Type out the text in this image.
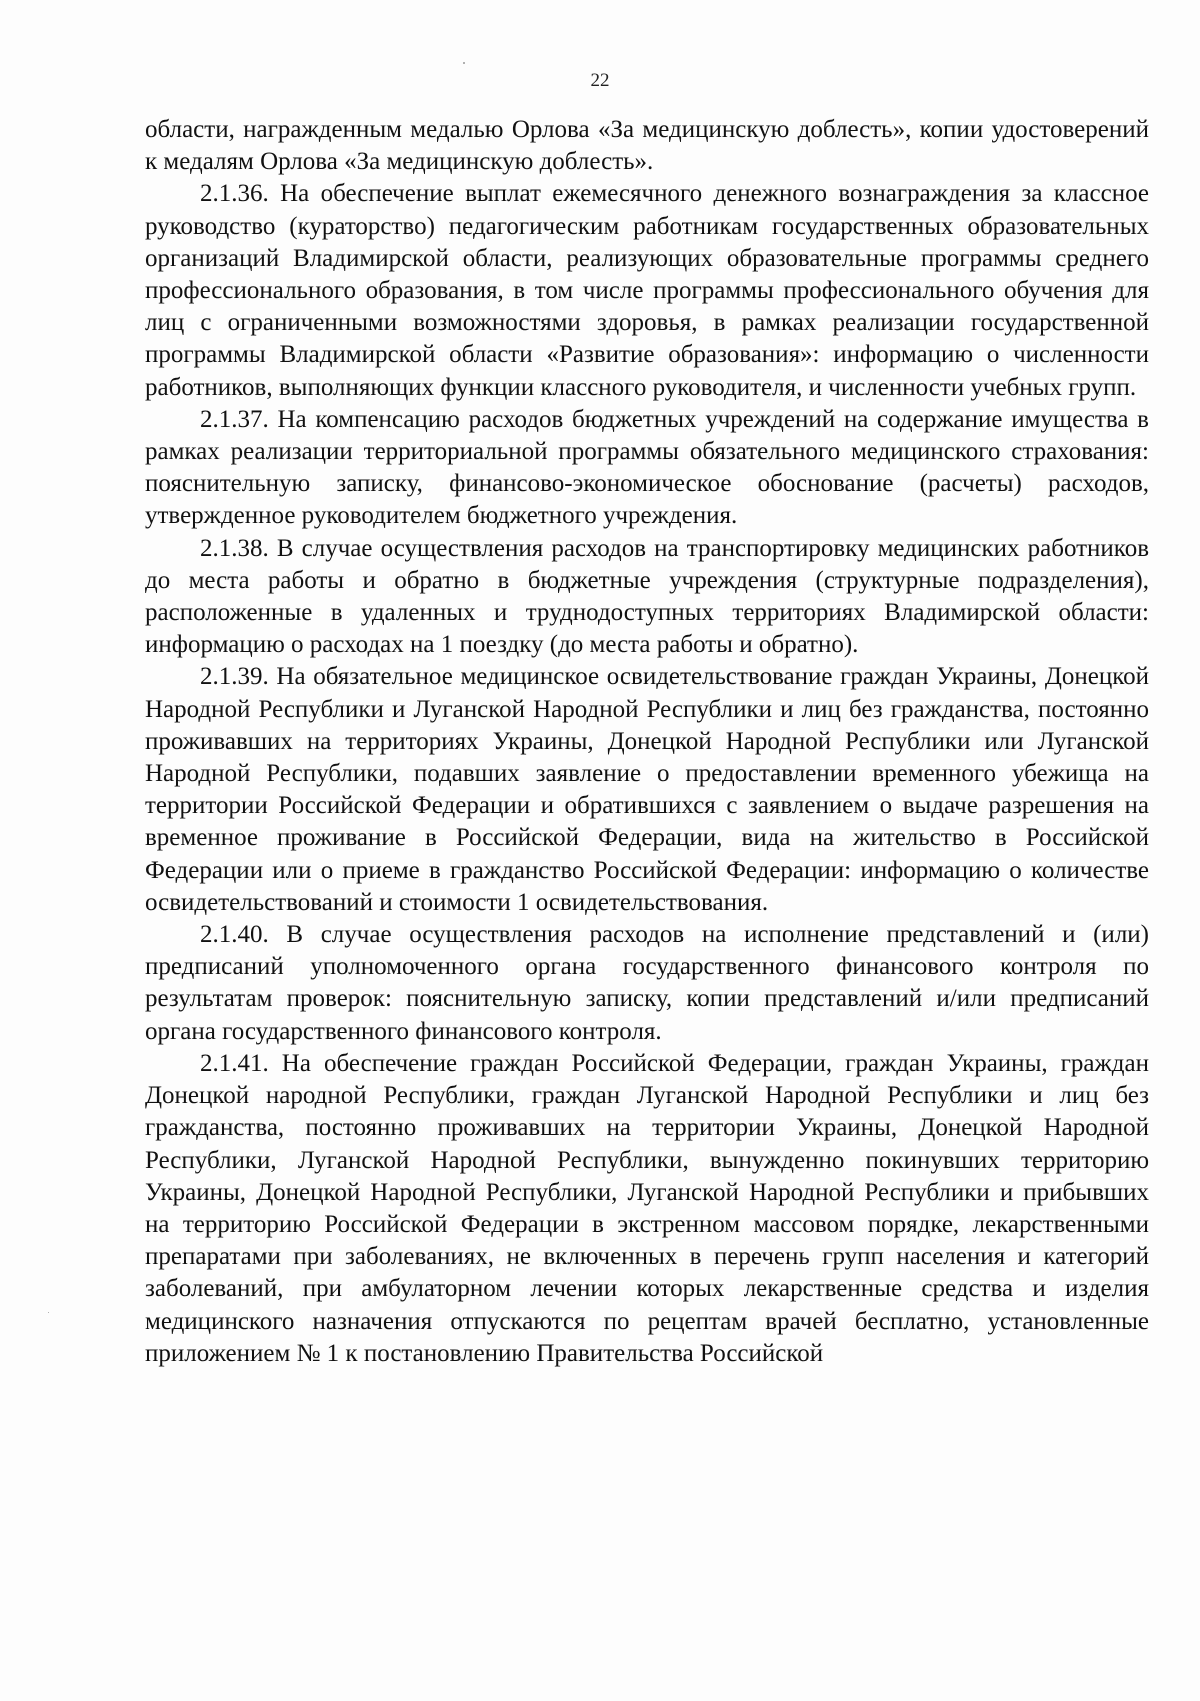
22

области, награжденным медалью Орлова «За медицинскую доблесть», копии удостоверений к медалям Орлова «За медицинскую доблесть».

2.1.36. На обеспечение выплат ежемесячного денежного вознаграждения за классное руководство (кураторство) педагогическим работникам государственных образовательных организаций Владимирской области, реализующих образовательные программы среднего профессионального образования, в том числе программы профессионального обучения для лиц с ограниченными возможностями здоровья, в рамках реализации государственной программы Владимирской области «Развитие образования»: информацию о численности работников, выполняющих функции классного руководителя, и численности учебных групп.

2.1.37. На компенсацию расходов бюджетных учреждений на содержание имущества в рамках реализации территориальной программы обязательного медицинского страхования: пояснительную записку, финансово-экономическое обоснование (расчеты) расходов, утвержденное руководителем бюджетного учреждения.

2.1.38. В случае осуществления расходов на транспортировку медицинских работников до места работы и обратно в бюджетные учреждения (структурные подразделения), расположенные в удаленных и труднодоступных территориях Владимирской области: информацию о расходах на 1 поездку (до места работы и обратно).

2.1.39. На обязательное медицинское освидетельствование граждан Украины, Донецкой Народной Республики и Луганской Народной Республики и лиц без гражданства, постоянно проживавших на территориях Украины, Донецкой Народной Республики или Луганской Народной Республики, подавших заявление о предоставлении временного убежища на территории Российской Федерации и обратившихся с заявлением о выдаче разрешения на временное проживание в Российской Федерации, вида на жительство в Российской Федерации или о приеме в гражданство Российской Федерации: информацию о количестве освидетельствований и стоимости 1 освидетельствования.

2.1.40. В случае осуществления расходов на исполнение представлений и (или) предписаний уполномоченного органа государственного финансового контроля по результатам проверок: пояснительную записку, копии представлений и/или предписаний органа государственного финансового контроля.

2.1.41. На обеспечение граждан Российской Федерации, граждан Украины, граждан Донецкой народной Республики, граждан Луганской Народной Республики и лиц без гражданства, постоянно проживавших на территории Украины, Донецкой Народной Республики, Луганской Народной Республики, вынужденно покинувших территорию Украины, Донецкой Народной Республики, Луганской Народной Республики и прибывших на территорию Российской Федерации в экстренном массовом порядке, лекарственными препаратами при заболеваниях, не включенных в перечень групп населения и категорий заболеваний, при амбулаторном лечении которых лекарственные средства и изделия медицинского назначения отпускаются по рецептам врачей бесплатно, установленные приложением № 1 к постановлению Правительства Российской
